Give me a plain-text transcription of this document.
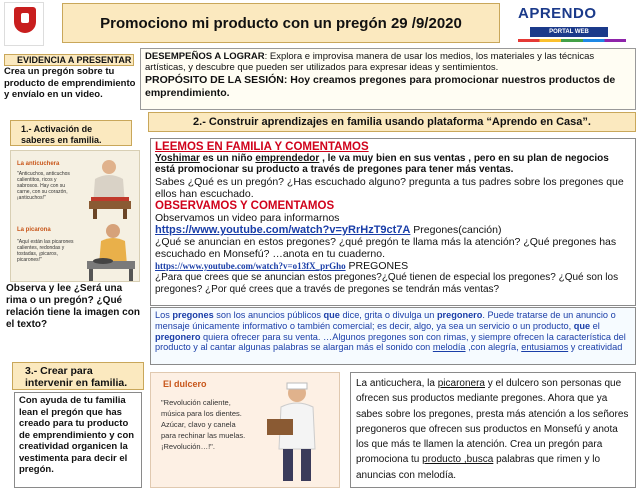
Promociono mi producto con un pregón 29 /9/2020
APRENDO
PORTAL WEB
EVIDENCIA A PRESENTAR
Crea un pregón sobre tu producto de emprendimiento y envíalo en un video.
DESEMPEÑOS A LOGRAR: Explora e improvisa manera de usar los medios, los materiales y las técnicas artísticas, y descubre que pueden ser utilizados para expresar ideas y sentimientos.
PROPÓSITO DE LA SESIÓN: Hoy creamos pregones para promocionar nuestros productos de emprendimiento.
1.- Activación de saberes en familia.
La anticuchera
"Anticuchos, anticuchos calientitos, ricos y sabrosos. Hay con su carne, con su corazón, ¡anticuchos!"
La picarona
"Aquí están las picarones calientes, redondas y tostadas, ¡picaros, picarones!"
2.- Construir aprendizajes en familia usando plataforma “Aprendo en Casa”.
LEEMOS EN FAMILIA Y COMENTAMOS
Yoshimar es un niño emprendedor , le va muy bien en sus ventas , pero en su plan de negocios está promocionar su producto a través de pregones para tener más ventas.
Sabes ¿Qué es un pregón? ¿Has escuchado alguno? pregunta a tus padres sobre los pregones que ellos han escuchado.
OBSERVAMOS Y COMENTAMOS
Observamos un video para informarnos
https://www.youtube.com/watch?v=yRrHzT9ct7A Pregones(canción)
¿Qué se anuncian en estos pregones? ¿qué pregón te llama más la atención? ¿Qué pregones has escuchado en Monsefú? …anota en tu cuaderno.
https://www.youtube.com/watch?v=o13fX_prGho PREGONES
¿Para que crees que se anuncian estos pregones?¿Qué tienen de especial los pregones? ¿Qué son los pregones? ¿Por qué crees que a través de pregones se tendrán más ventas?
Observa y lee ¿Será una rima o un pregón? ¿Qué relación tiene la imagen con el texto?
Los pregones son los anuncios públicos que dice, grita o divulga un pregonero. Puede tratarse de un anuncio o mensaje únicamente informativo o también comercial; es decir, algo, ya sea un servicio o un producto, que el pregonero quiera ofrecer para su venta. …Algunos pregones son con rimas, y siempre ofrecen la característica del producto y al cantar algunas palabras se alargan más el sonido con melodía ,con alegría, entusiamos y creatividad
3.- Crear para intervenir en familia.
Con ayuda de tu familia lean el pregón que has creado para tu producto de emprendimiento y con creatividad organicen la vestimenta para decir el pregón.
El dulcero
"Revolución caliente, música para los dientes. Azúcar, clavo y canela para rechinar las muelas. ¡Revolución…!".
La anticuchera, la picaronera y el dulcero son personas que ofrecen sus productos mediante pregones. Ahora que ya sabes sobre los pregones, presta más atención a los señores pregoneros que ofrecen sus productos en Monsefú y anota los que más te llamen la atención. Crea un pregón para promociona tu producto ,busca palabras que rimen y lo anuncias con melodía.
